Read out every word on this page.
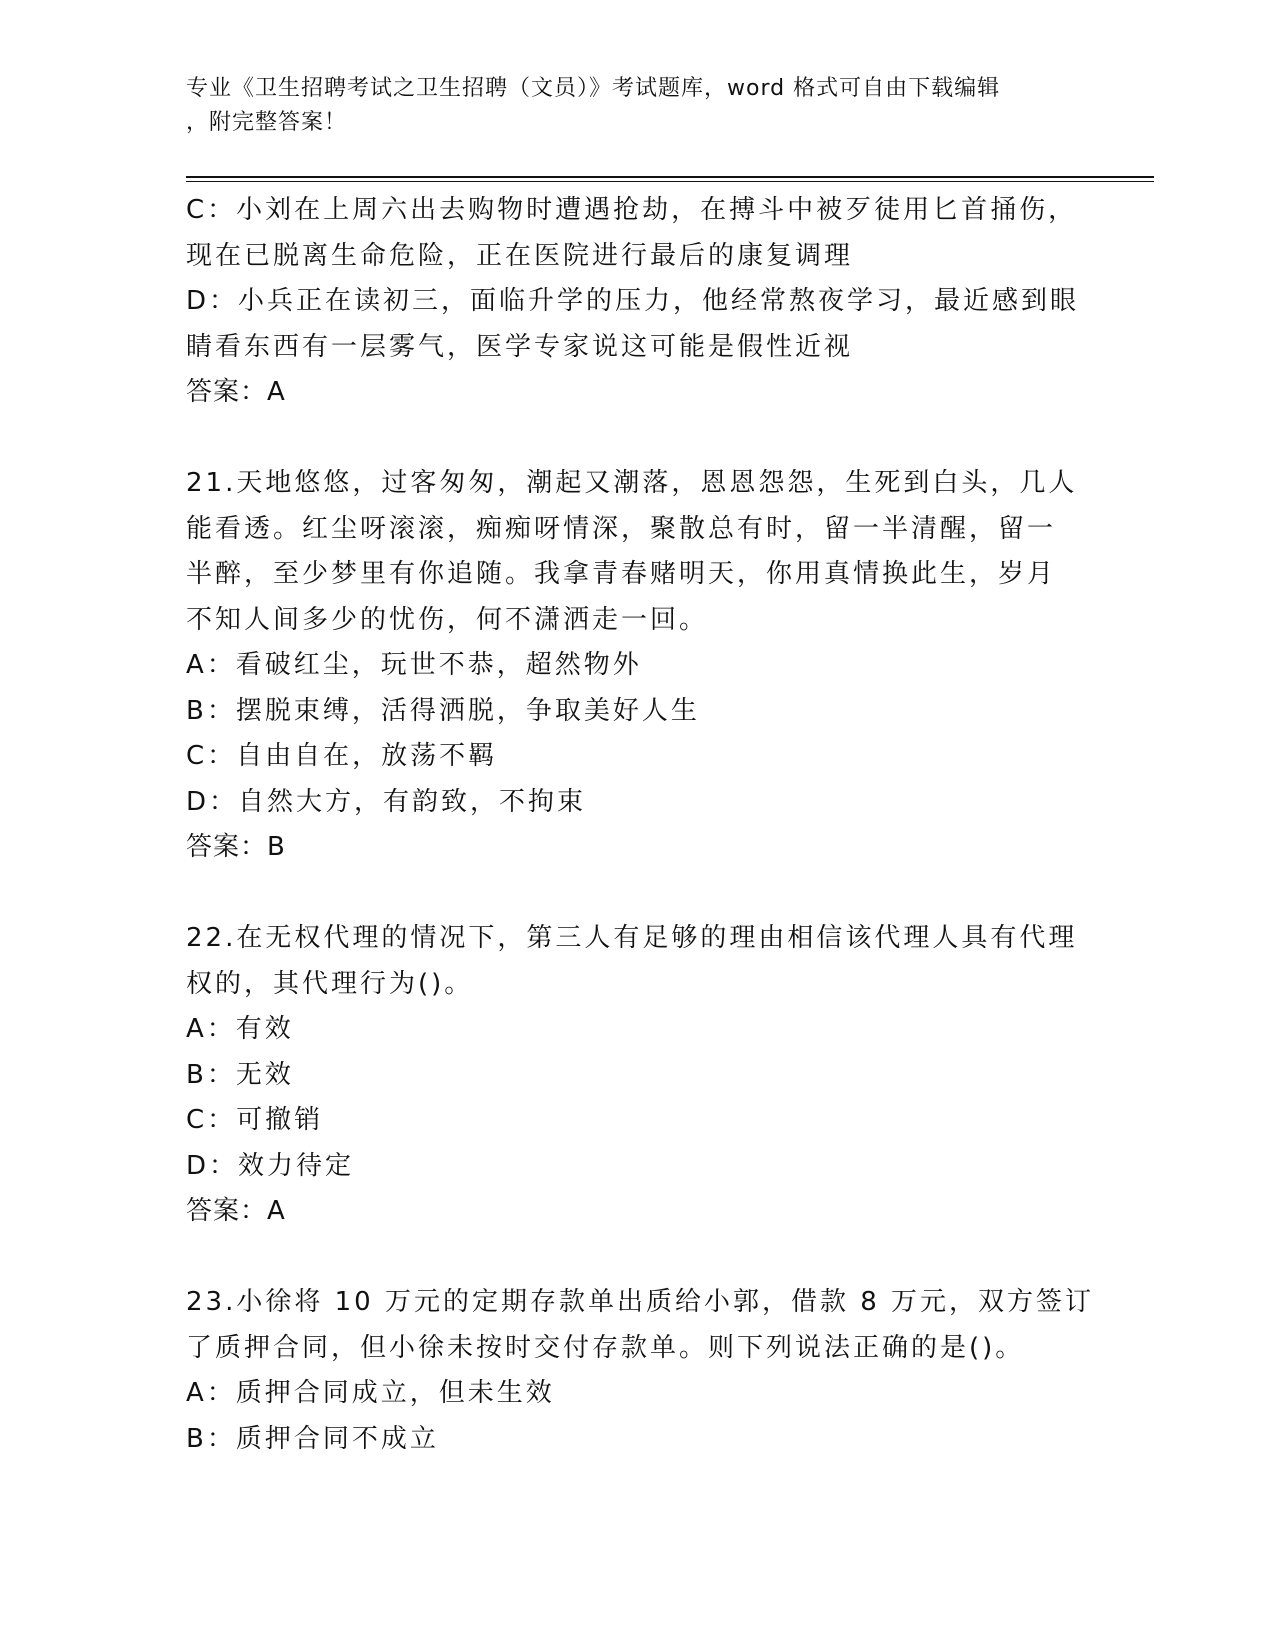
专业《卫生招聘考试之卫生招聘（文员）》考试题库，word 格式可自由下载编辑
，附完整答案！

C：小刘在上周六出去购物时遭遇抢劫，在搏斗中被歹徒用匕首捅伤，

现在已脱离生命危险，正在医院进行最后的康复调理

D：小兵正在读初三，面临升学的压力，他经常熬夜学习，最近感到眼

睛看东西有一层雾气，医学专家说这可能是假性近视

答案：A

21.天地悠悠，过客匆匆，潮起又潮落，恩恩怨怨，生死到白头，几人

能看透。红尘呀滚滚，痴痴呀情深，聚散总有时，留一半清醒，留一

半醉，至少梦里有你追随。我拿青春赌明天，你用真情换此生，岁月

不知人间多少的忧伤，何不潇洒走一回。

A：看破红尘，玩世不恭，超然物外

B：摆脱束缚，活得洒脱，争取美好人生

C：自由自在，放荡不羁

D：自然大方，有韵致，不拘束

答案：B

22.在无权代理的情况下，第三人有足够的理由相信该代理人具有代理

权的，其代理行为()。

A：有效

B：无效

C：可撤销

D：效力待定

答案：A

23.小徐将 10 万元的定期存款单出质给小郭，借款 8 万元，双方签订

了质押合同，但小徐未按时交付存款单。则下列说法正确的是()。

A：质押合同成立，但未生效

B：质押合同不成立
